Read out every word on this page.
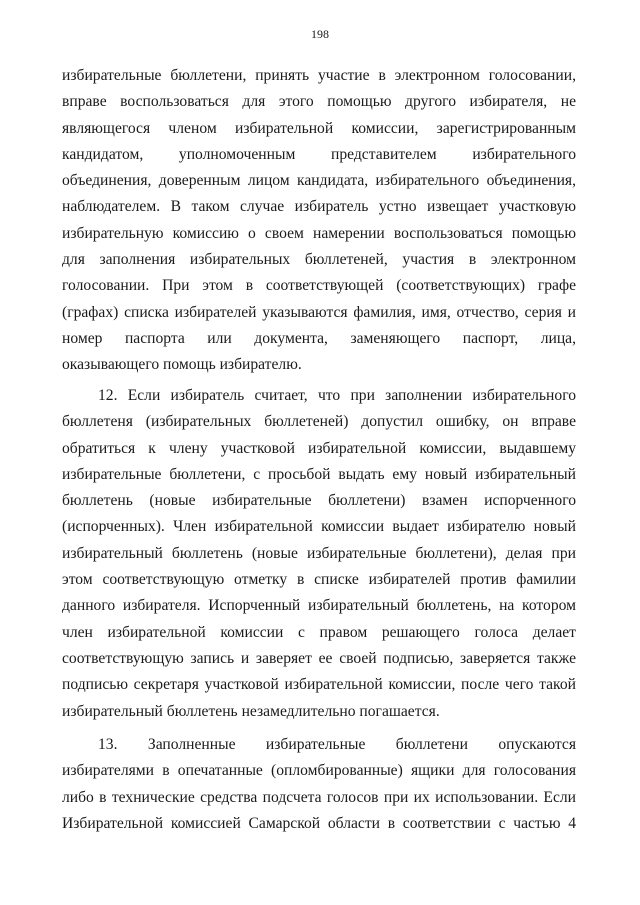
198
избирательные бюллетени, принять участие в электронном голосовании,
вправе воспользоваться для этого помощью другого избирателя, не
являющегося членом избирательной комиссии, зарегистрированным
кандидатом, уполномоченным представителем избирательного
объединения, доверенным лицом кандидата, избирательного объединения,
наблюдателем. В таком случае избиратель устно извещает участковую
избирательную комиссию о своем намерении воспользоваться помощью
для заполнения избирательных бюллетеней, участия в электронном
голосовании. При этом в соответствующей (соответствующих) графе
(графах) списка избирателей указываются фамилия, имя, отчество, серия и
номер паспорта или документа, заменяющего паспорт, лица,
оказывающего помощь избирателю.
12. Если избиратель считает, что при заполнении избирательного
бюллетеня (избирательных бюллетеней) допустил ошибку, он вправе
обратиться к члену участковой избирательной комиссии, выдавшему
избирательные бюллетени, с просьбой выдать ему новый избирательный
бюллетень (новые избирательные бюллетени) взамен испорченного
(испорченных). Член избирательной комиссии выдает избирателю новый
избирательный бюллетень (новые избирательные бюллетени), делая при
этом соответствующую отметку в списке избирателей против фамилии
данного избирателя. Испорченный избирательный бюллетень, на котором
член избирательной комиссии с правом решающего голоса делает
соответствующую запись и заверяет ее своей подписью, заверяется также
подписью секретаря участковой избирательной комиссии, после чего такой
избирательный бюллетень незамедлительно погашается.
13. Заполненные избирательные бюллетени опускаются
избирателями в опечатанные (опломбированные) ящики для голосования
либо в технические средства подсчета голосов при их использовании. Если
Избирательной комиссией Самарской области в соответствии с частью 4
